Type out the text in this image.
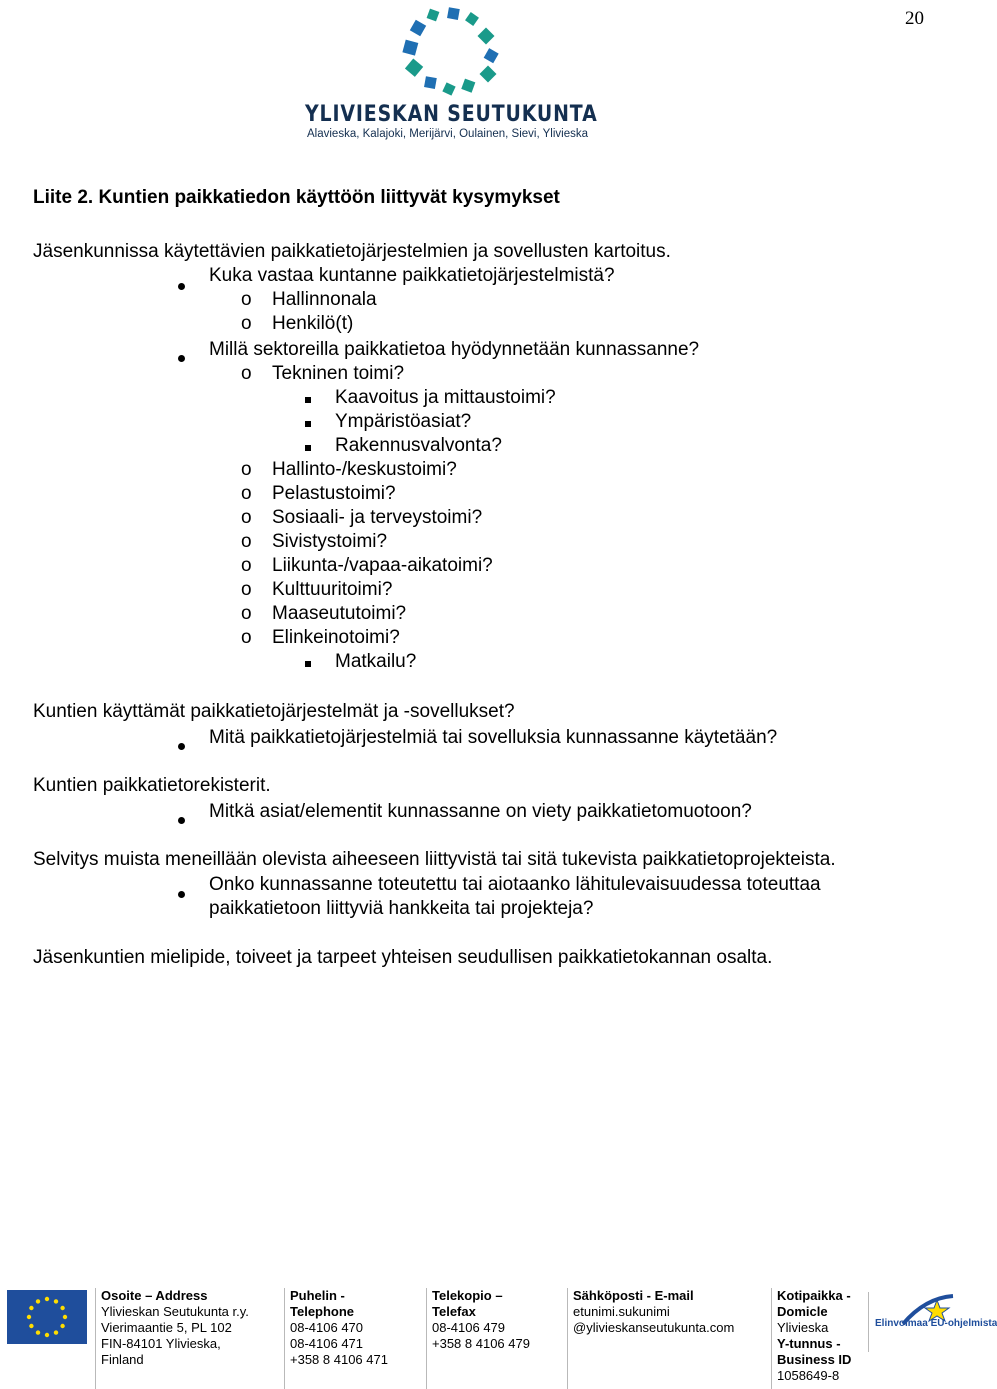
20
YLIVIESKAN SEUTUKUNTA
Alavieska, Kalajoki, Merijärvi, Oulainen, Sievi, Ylivieska
Liite 2. Kuntien paikkatiedon käyttöön liittyvät kysymykset
Jäsenkunnissa käytettävien paikkatietojärjestelmien ja sovellusten kartoitus.
Kuka vastaa kuntanne paikkatietojärjestelmistä?
o Hallinnonala
o Henkilö(t)
Millä sektoreilla paikkatietoa hyödynnetään kunnassanne?
o Tekninen toimi?
Kaavoitus ja mittaustoimi?
Ympäristöasiat?
Rakennusvalvonta?
o Hallinto-/keskustoimi?
o Pelastustoimi?
o Sosiaali- ja terveystoimi?
o Sivistystoimi?
o Liikunta-/vapaa-aikatoimi?
o Kulttuuritoimi?
o Maaseututoimi?
o Elinkeinotoimi?
Matkailu?
Kuntien käyttämät paikkatietojärjestelmät ja -sovellukset?
Mitä paikkatietojärjestelmiä tai sovelluksia kunnassanne käytetään?
Kuntien paikkatietorekisterit.
Mitkä asiat/elementit kunnassanne on viety paikkatietomuotoon?
Selvitys muista meneillään olevista aiheeseen liittyvistä tai sitä tukevista paikkatietoprojekteista.
Onko kunnassanne toteutettu tai aiotaanko lähitulevaisuudessa toteuttaa
paikkatietoon liittyviä hankkeita tai projekteja?
Jäsenkuntien mielipide, toiveet ja tarpeet yhteisen seudullisen paikkatietokannan osalta.
Osoite – Address
Ylivieskan Seutukunta r.y.
Vierimaantie 5, PL 102
FIN-84101 Ylivieska,
Finland
Puhelin -
Telephone
08-4106 470
08-4106 471
+358 8 4106 471
Telekopio –
Telefax
08-4106 479
+358 8 4106 479
Sähköposti - E-mail
etunimi.sukunimi
@ylivieskanseutukunta.com
Kotipaikka -
Domicle
Ylivieska
Y-tunnus -
Business ID
1058649-8
Elinvoimaa EU-ohjelmista
